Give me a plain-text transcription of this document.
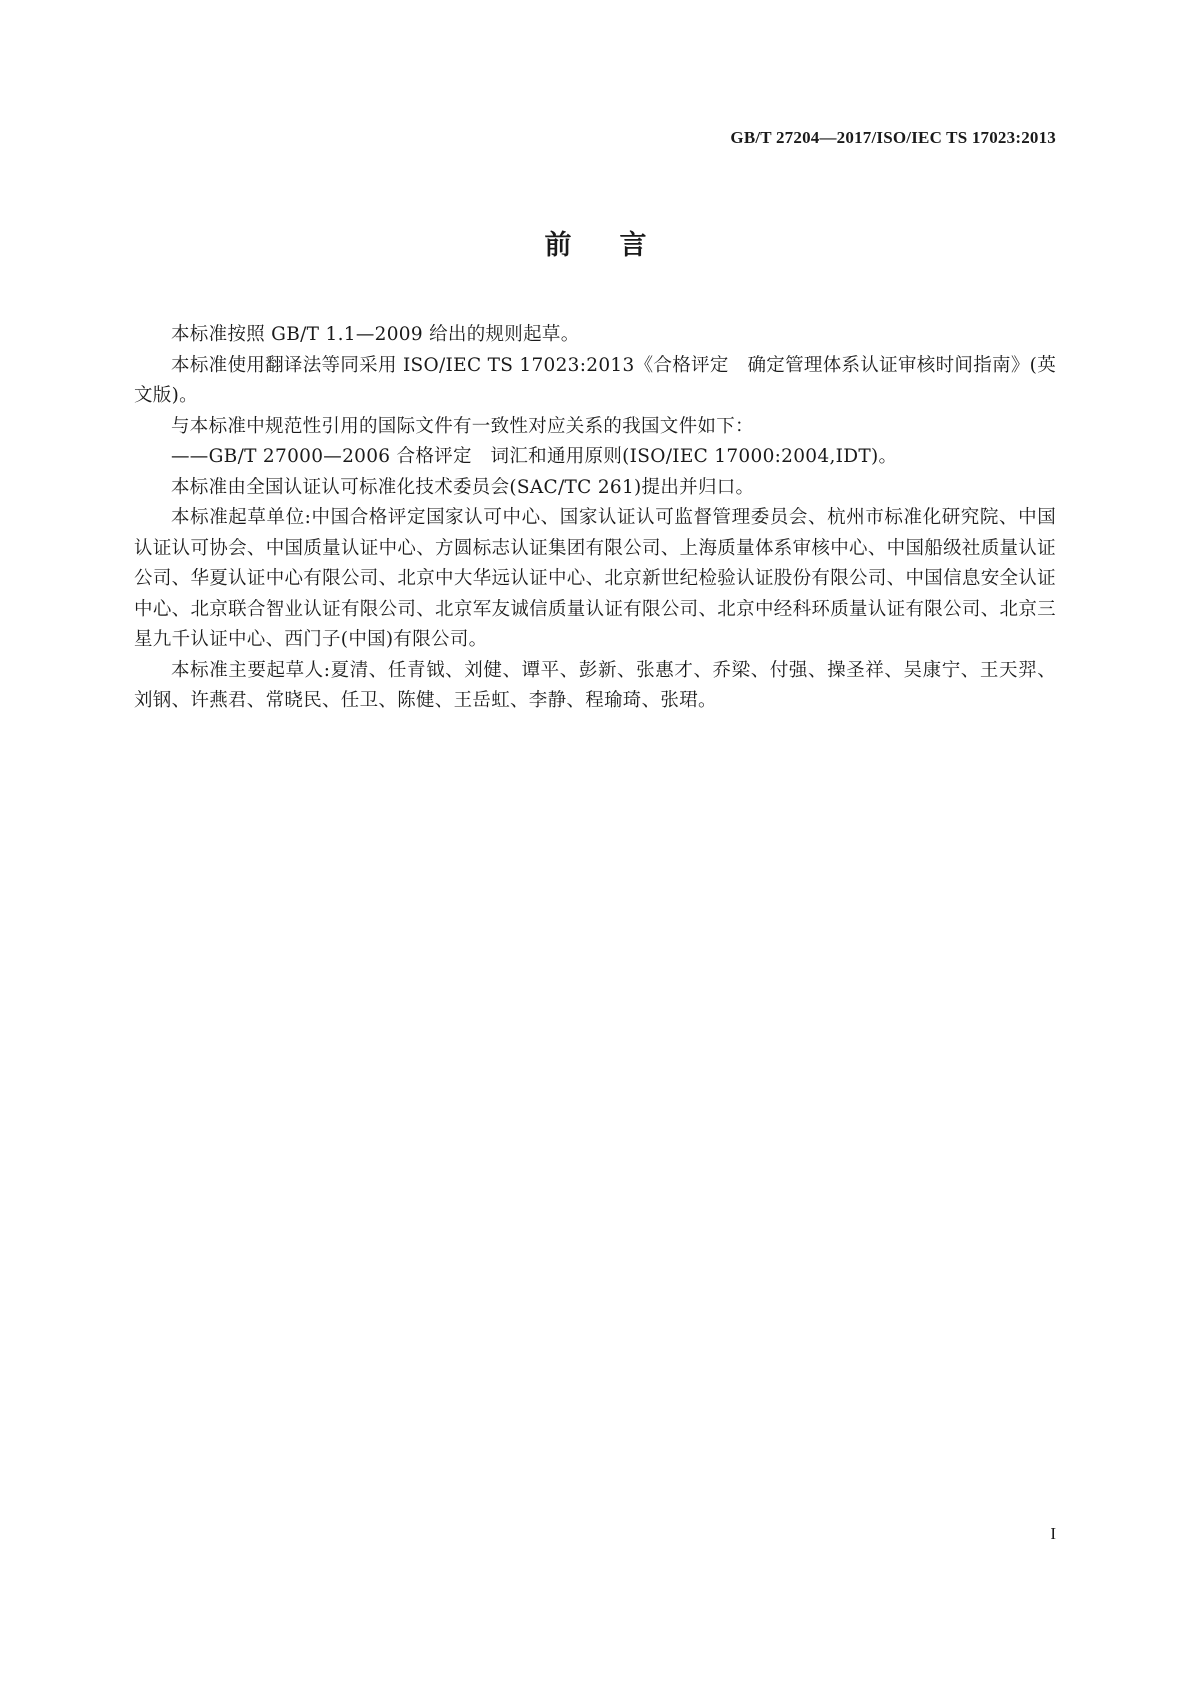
GB/T 27204—2017/ISO/IEC TS 17023:2013
前言

本标准按照 GB/T 1.1—2009 给出的规则起草。

本标准使用翻译法等同采用 ISO/IEC TS 17023:2013《合格评定　确定管理体系认证审核时间指南》(英文版)。

与本标准中规范性引用的国际文件有一致性对应关系的我国文件如下：

——GB/T 27000—2006 合格评定　词汇和通用原则(ISO/IEC 17000:2004,IDT)。

本标准由全国认证认可标准化技术委员会(SAC/TC 261)提出并归口。

本标准起草单位:中国合格评定国家认可中心、国家认证认可监督管理委员会、杭州市标准化研究院、中国认证认可协会、中国质量认证中心、方圆标志认证集团有限公司、上海质量体系审核中心、中国船级社质量认证公司、华夏认证中心有限公司、北京中大华远认证中心、北京新世纪检验认证股份有限公司、中国信息安全认证中心、北京联合智业认证有限公司、北京军友诚信质量认证有限公司、北京中经科环质量认证有限公司、北京三星九千认证中心、西门子(中国)有限公司。

本标准主要起草人:夏清、任青钺、刘健、谭平、彭新、张惠才、乔梁、付强、操圣祥、吴康宁、王天羿、刘钢、许燕君、常晓民、任卫、陈健、王岳虹、李静、程瑜琦、张珺。

I
